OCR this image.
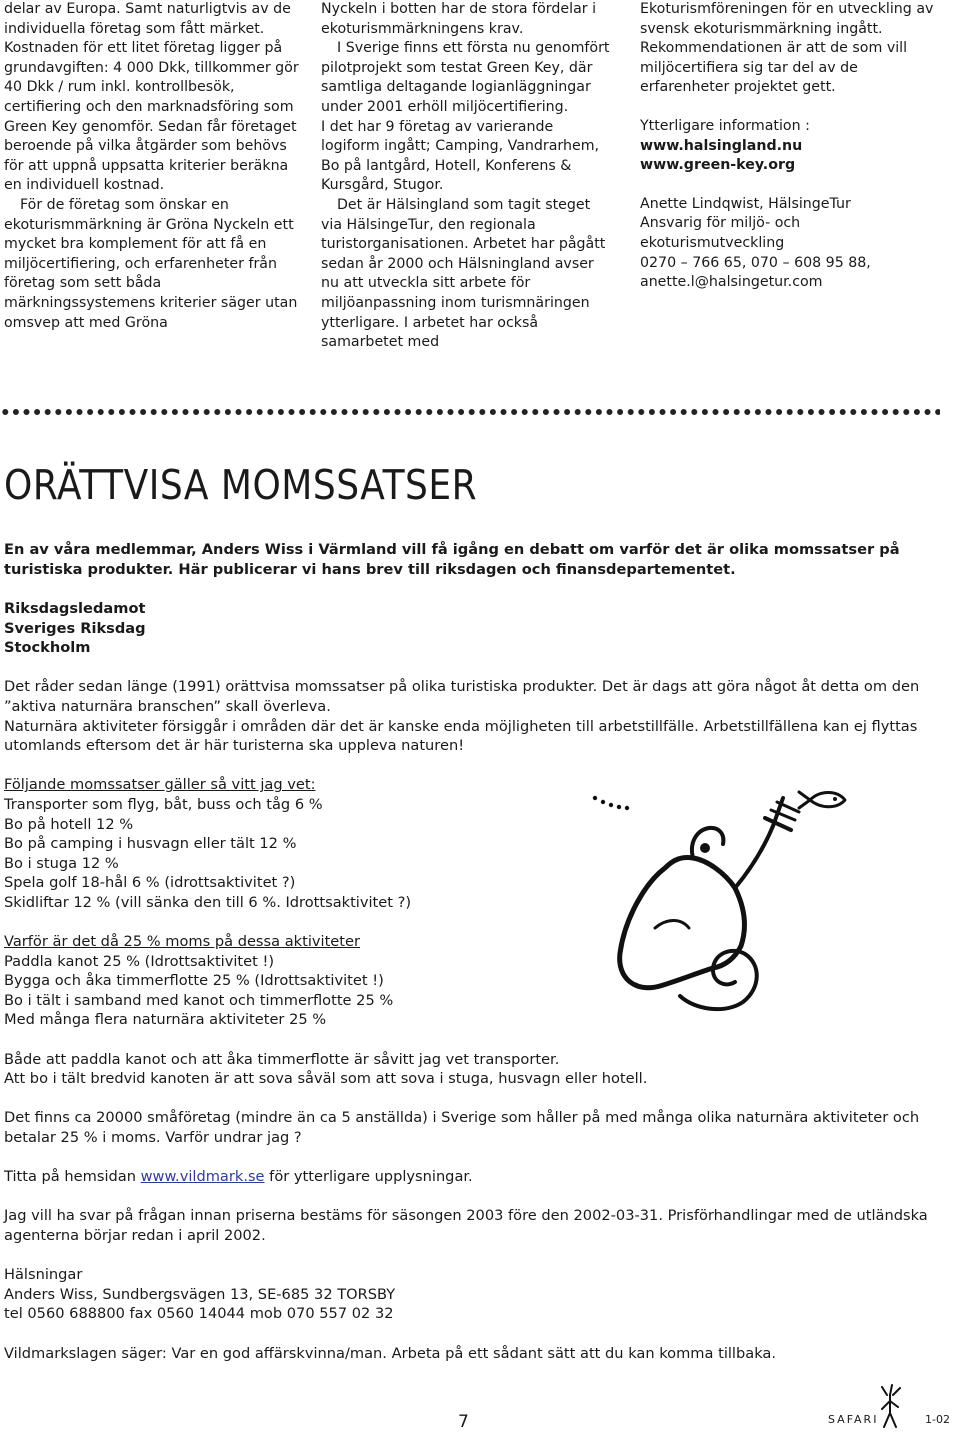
delar av Europa. Samt naturligtvis av de individuella företag som fått märket. Kostnaden för ett litet företag ligger på grundavgiften: 4 000 Dkk, tillkommer gör 40 Dkk / rum inkl. kontrollbesök, certifiering och den marknadsföring som Green Key genomför. Sedan får företaget beroende på vilka åtgärder som behövs för att uppnå uppsatta kriterier beräkna en individuell kostnad.

För de företag som önskar en ekoturismmärkning är Gröna Nyckeln ett mycket bra komplement för att få en miljöcertifiering, och erfarenheter från företag som sett båda märkningssystemens kriterier säger utan omsvep att med Gröna

Nyckeln i botten har de stora fördelar i ekoturismmärkningens krav.

I Sverige finns ett första nu genomfört pilotprojekt som testat Green Key, där samtliga deltagande logianläggningar under 2001 erhöll miljöcertifiering.

I det har 9 företag av varierande logiform ingått; Camping, Vandrarhem, Bo på lantgård, Hotell, Konferens & Kursgård, Stugor.

Det är Hälsingland som tagit steget via HälsingeTur, den regionala turistorganisationen. Arbetet har pågått sedan år 2000 och Hälsningland avser nu att utveckla sitt arbete för miljöanpassning inom turismnäringen ytterligare. I arbetet har också samarbetet med

Ekoturismföreningen för en utveckling av svensk ekoturismmärkning ingått. Rekommendationen är att de som vill miljöcertifiera sig tar del av de erfarenheter projektet gett.

Ytterligare information :

www.halsingland.nu

www.green-key.org

Anette Lindqwist, HälsingeTur

Ansvarig för miljö- och ekoturismutveckling

0270 – 766 65, 070 – 608 95 88,

anette.l@halsingetur.com

ORÄTTVISA MOMSSATSER

En av våra medlemmar, Anders Wiss i Värmland vill få igång en debatt om varför det är olika momssatser på turistiska produkter. Här publicerar vi hans brev till riksdagen och finansdepartementet.

Riksdagsledamot

Sveriges Riksdag

Stockholm

Det råder sedan länge (1991) orättvisa momssatser på olika turistiska produkter. Det är dags att göra något åt detta om den ”aktiva naturnära branschen” skall överleva.

Naturnära aktiviteter försiggår i områden där det är kanske enda möjligheten till arbetstillfälle. Arbetstillfällena kan ej flyttas utomlands eftersom det är här turisterna ska uppleva naturen!

Följande momssatser gäller så vitt jag vet:

Transporter som flyg, båt, buss och tåg 6 %

Bo på hotell 12 %

Bo på camping i husvagn eller tält 12 %

Bo i stuga 12 %

Spela golf 18-hål 6 % (idrottsaktivitet ?)

Skidliftar 12 % (vill sänka den till 6 %. Idrottsaktivitet ?)

Varför är det då 25 % moms på dessa aktiviteter

Paddla kanot 25 % (Idrottsaktivitet !)

Bygga och åka timmerflotte 25 % (Idrottsaktivitet !)

Bo i tält i samband med kanot och timmerflotte 25 %

Med många flera naturnära aktiviteter 25 %

Både att paddla kanot och att åka timmerflotte är såvitt jag vet transporter.

Att bo i tält bredvid kanoten är att sova såväl som att sova i stuga, husvagn eller hotell.

Det finns ca 20000 småföretag (mindre än ca 5 anställda) i Sverige som håller på med många olika naturnära aktiviteter och betalar 25 % i moms. Varför undrar jag ?

Titta på hemsidan www.vildmark.se för ytterligare upplysningar.

Jag vill ha svar på frågan innan priserna bestäms för säsongen 2003 före den 2002-03-31. Prisförhandlingar med de utländska agenterna börjar redan i april 2002.

Hälsningar

Anders Wiss, Sundbergsvägen 13, SE-685 32 TORSBY

tel 0560 688800 fax 0560 14044 mob 070 557 02 32

Vildmarkslagen säger: Var en god affärskvinna/man. Arbeta på ett sådant sätt att du kan komma tillbaka.

7	SAFARI	1-02
